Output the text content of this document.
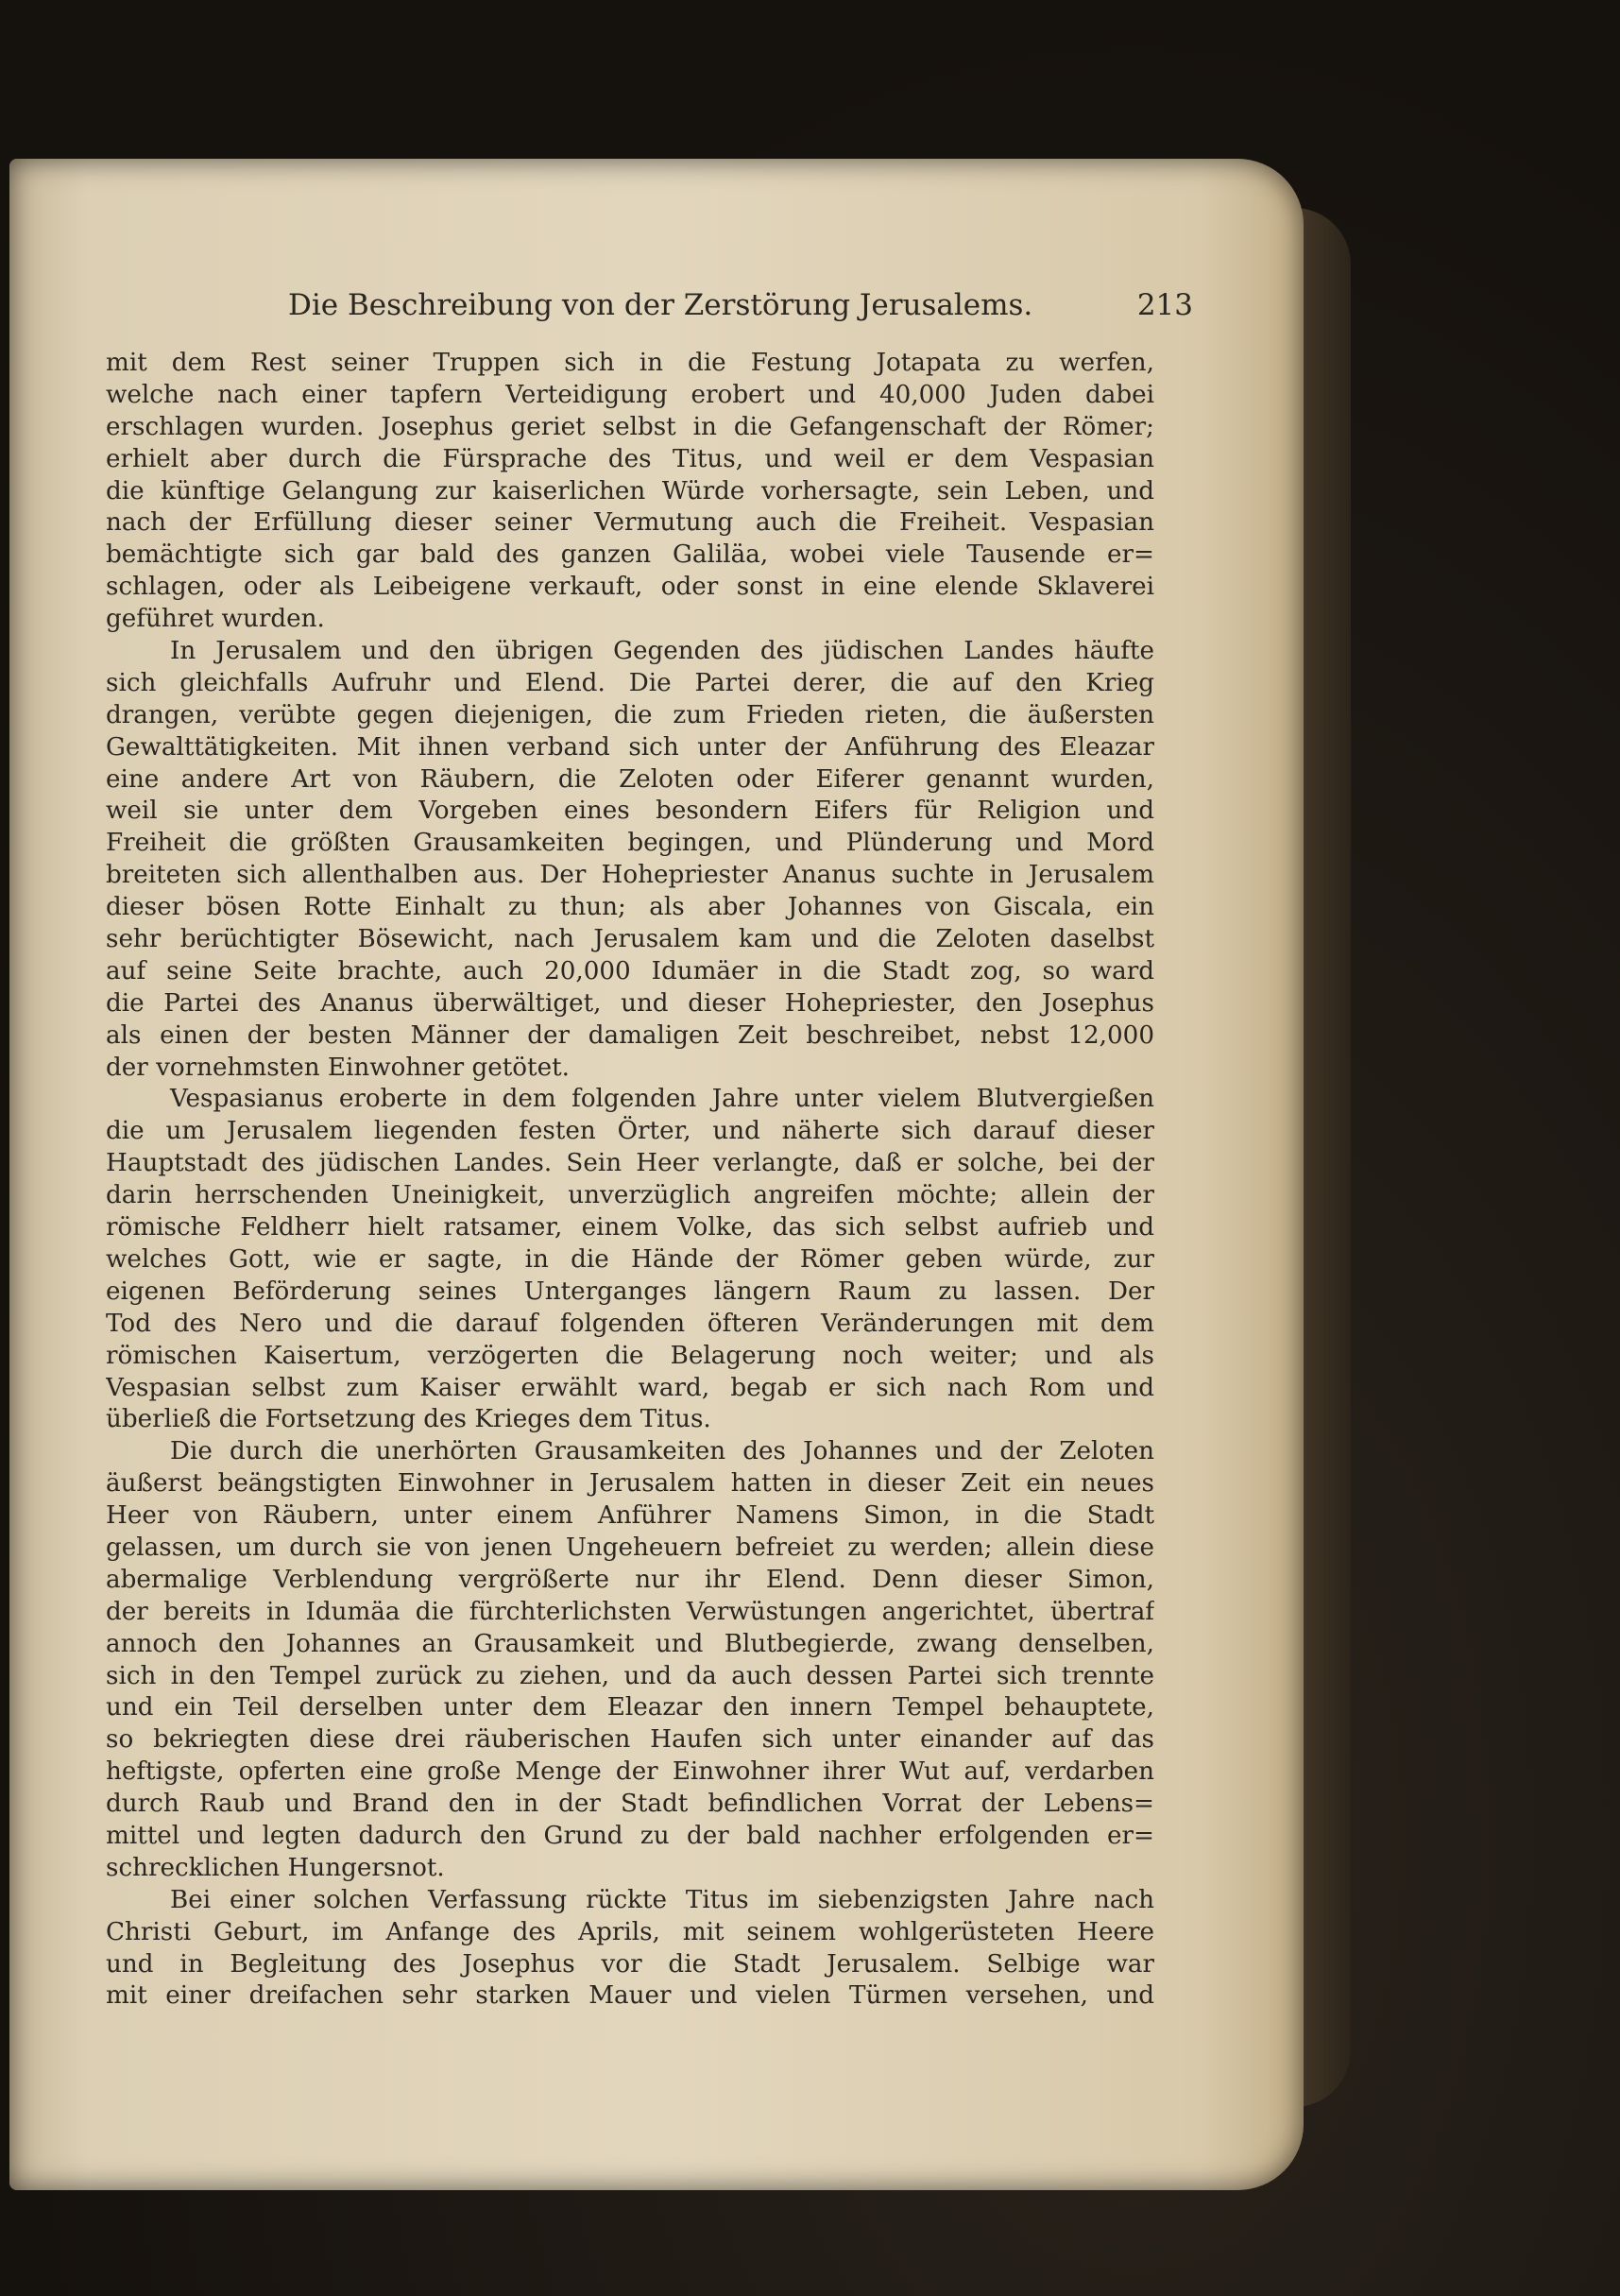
Die Beschreibung von der Zerstörung Jerusalems.	213
mit dem Rest seiner Truppen sich in die Festung Jotapata zu werfen,
welche nach einer tapfern Verteidigung erobert und 40,000 Juden dabei
erschlagen wurden. Josephus geriet selbst in die Gefangenschaft der Römer;
erhielt aber durch die Fürsprache des Titus, und weil er dem Vespasian
die künftige Gelangung zur kaiserlichen Würde vorhersagte, sein Leben, und
nach der Erfüllung dieser seiner Vermutung auch die Freiheit. Vespasian
bemächtigte sich gar bald des ganzen Galiläa, wobei viele Tausende er=
schlagen, oder als Leibeigene verkauft, oder sonst in eine elende Sklaverei
geführet wurden.
In Jerusalem und den übrigen Gegenden des jüdischen Landes häufte
sich gleichfalls Aufruhr und Elend. Die Partei derer, die auf den Krieg
drangen, verübte gegen diejenigen, die zum Frieden rieten, die äußersten
Gewalttätigkeiten. Mit ihnen verband sich unter der Anführung des Eleazar
eine andere Art von Räubern, die Zeloten oder Eiferer genannt wurden,
weil sie unter dem Vorgeben eines besondern Eifers für Religion und
Freiheit die größten Grausamkeiten begingen, und Plünderung und Mord
breiteten sich allenthalben aus. Der Hohepriester Ananus suchte in Jerusalem
dieser bösen Rotte Einhalt zu thun; als aber Johannes von Giscala, ein
sehr berüchtigter Bösewicht, nach Jerusalem kam und die Zeloten daselbst
auf seine Seite brachte, auch 20,000 Idumäer in die Stadt zog, so ward
die Partei des Ananus überwältiget, und dieser Hohepriester, den Josephus
als einen der besten Männer der damaligen Zeit beschreibet, nebst 12,000
der vornehmsten Einwohner getötet.
Vespasianus eroberte in dem folgenden Jahre unter vielem Blutvergießen
die um Jerusalem liegenden festen Örter, und näherte sich darauf dieser
Hauptstadt des jüdischen Landes. Sein Heer verlangte, daß er solche, bei der
darin herrschenden Uneinigkeit, unverzüglich angreifen möchte; allein der
römische Feldherr hielt ratsamer, einem Volke, das sich selbst aufrieb und
welches Gott, wie er sagte, in die Hände der Römer geben würde, zur
eigenen Beförderung seines Unterganges längern Raum zu lassen. Der
Tod des Nero und die darauf folgenden öfteren Veränderungen mit dem
römischen Kaisertum, verzögerten die Belagerung noch weiter; und als
Vespasian selbst zum Kaiser erwählt ward, begab er sich nach Rom und
überließ die Fortsetzung des Krieges dem Titus.
Die durch die unerhörten Grausamkeiten des Johannes und der Zeloten
äußerst beängstigten Einwohner in Jerusalem hatten in dieser Zeit ein neues
Heer von Räubern, unter einem Anführer Namens Simon, in die Stadt
gelassen, um durch sie von jenen Ungeheuern befreiet zu werden; allein diese
abermalige Verblendung vergrößerte nur ihr Elend. Denn dieser Simon,
der bereits in Idumäa die fürchterlichsten Verwüstungen angerichtet, übertraf
annoch den Johannes an Grausamkeit und Blutbegierde, zwang denselben,
sich in den Tempel zurück zu ziehen, und da auch dessen Partei sich trennte
und ein Teil derselben unter dem Eleazar den innern Tempel behauptete,
so bekriegten diese drei räuberischen Haufen sich unter einander auf das
heftigste, opferten eine große Menge der Einwohner ihrer Wut auf, verdarben
durch Raub und Brand den in der Stadt befindlichen Vorrat der Lebens=
mittel und legten dadurch den Grund zu der bald nachher erfolgenden er=
schrecklichen Hungersnot.
Bei einer solchen Verfassung rückte Titus im siebenzigsten Jahre nach
Christi Geburt, im Anfange des Aprils, mit seinem wohlgerüsteten Heere
und in Begleitung des Josephus vor die Stadt Jerusalem. Selbige war
mit einer dreifachen sehr starken Mauer und vielen Türmen versehen, und
